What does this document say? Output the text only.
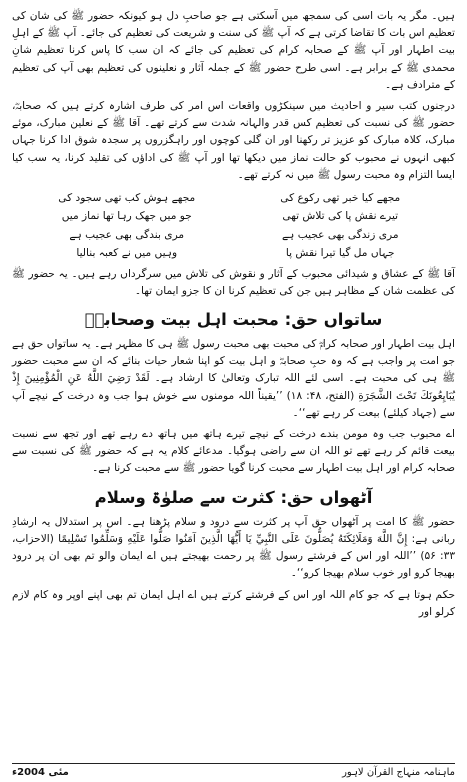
ہیں۔ مگر یہ بات اسی کی سمجھ میں آسکتی ہے جو صاحبِ دل ہو کیونکہ حضور ﷺ کی شان کی تعظیم اس بات کا تقاضا کرتی ہے کہ آپ ﷺ کی سنت و شریعت کی تعظیم کی جائے۔ آپ ﷺ کے اہلِ بیت اطہار اور آپ ﷺ کے صحابہ کرام کی تعظیم کی جائے کہ ان سب کا پاس کرنا تعظیم شانِ محمدی ﷺ کے برابر ہے۔ اسی طرح حضور ﷺ کے جملہ آثار و نعلینوں کی تعظیم بھی آپ کی تعظیم کے مترادف ہے۔

درجنوں کتب سیر و احادیث میں سینکڑوں واقعات اس امر کی طرف اشارہ کرتے ہیں کہ صحابہؓ، حضور ﷺ کی نسبت کی تعظیم کس قدر والہانہ شدت سے کرتے تھے۔ آقا ﷺ کے نعلین مبارک، موئے مبارک، کلاہ مبارک کو عزیز تر رکھنا اور ان گلی کوچوں اور راہگزروں پر سجدہ شوق ادا کرنا جہاں کبھی انہوں نے محبوب کو حالت نماز میں دیکھا تھا اور آپ ﷺ کی اداؤں کی تقلید کرنا، یہ سب کیا ایسا التزام وہ محبت رسول ﷺ میں نہ کرتے تھے۔

مجھے کیا خبر تھی رکوع کی
مجھے ہوش کب تھی سجود کی
تیرے نقش پا کی تلاش تھی
جو میں جھک رہا تھا نماز میں
مری زندگی بھی عجیب ہے
مری بندگی بھی عجیب ہے
جہاں مل گیا تیرا نقش پا
وہیں میں نے کعبہ بنالیا

آقا ﷺ کے عشاق و شیدائی محبوب کے آثار و نقوش کی تلاش میں سرگرداں رہے ہیں۔ یہ حضور ﷺ کی عظمت شان کے مظاہر ہیں جن کی تعظیم کرنا ان کا جزو ایمان تھا۔

ساتواں حق: محبت اہل بیت وصحابہؓ

اہل بیت اطہار اور صحابہ کرامؓ کی محبت بھی محبت رسول ﷺ ہی کا مظہر ہے۔ یہ ساتواں حق ہے جو امت پر واجب ہے کہ وہ حبِ صحابہؓ و اہل بیت کو اپنا شعار حیات بنائے کہ ان سے محبت حضور ﷺ ہی کی محبت ہے۔ اسی لئے اللہ تبارک وتعالیٰ کا ارشاد ہے۔ لَقَدْ رَضِيَ اللَّهُ عَنِ الْمُؤْمِنِينَ إِذْ يُبَايِعُونَكَ تَحْتَ الشَّجَرَةِ (الفتح، ۴۸: ۱۸) ’’یقیناً اللہ مومنوں سے خوش ہوا جب وہ درخت کے نیچے آپ سے (جہاد کیلئے) بیعت کر رہے تھے‘‘۔

اے محبوب جب وہ مومن بندے درخت کے نیچے تیرے ہاتھ میں ہاتھ دے رہے تھے اور تجھ سے نسبت بیعت قائم کر رہے تھے تو اللہ ان سے راضی ہوگیا۔ مدعائے کلام یہ ہے کہ حضور ﷺ کی نسبت سے صحابہ کرام اور اہل بیت اطہار سے محبت کرنا گویا حضور ﷺ سے محبت کرنا ہے۔

آٹھواں حق: کثرت سے صلوٰۃ وسلام

حضور ﷺ کا امت پر آٹھواں حق آپ پر کثرت سے درود و سلام پڑھنا ہے۔ اس پر استدلال یہ ارشادِ ربانی ہے: إِنَّ اللَّهَ وَمَلَائِكَتَهُ يُصَلُّونَ عَلَى النَّبِيِّ يَا أَيُّهَا الَّذِينَ آمَنُوا صَلُّوا عَلَيْهِ وَسَلِّمُوا تَسْلِيمًا (الاحزاب، ۳۳: ۵۶) ’’اللہ اور اس کے فرشتے رسول ﷺ پر رحمت بھیجتے ہیں اے ایمان والو تم بھی ان پر درود بھیجا کرو اور خوب سلام بھیجا کرو‘‘۔

حکم ہوتا ہے کہ جو کام اللہ اور اس کے فرشتے کرتے ہیں اے اہل ایمان تم بھی اپنے اوپر وہ کام لازم کرلو اور

ماہنامہ منہاج القرآن لاہور
مئی 2004ء
